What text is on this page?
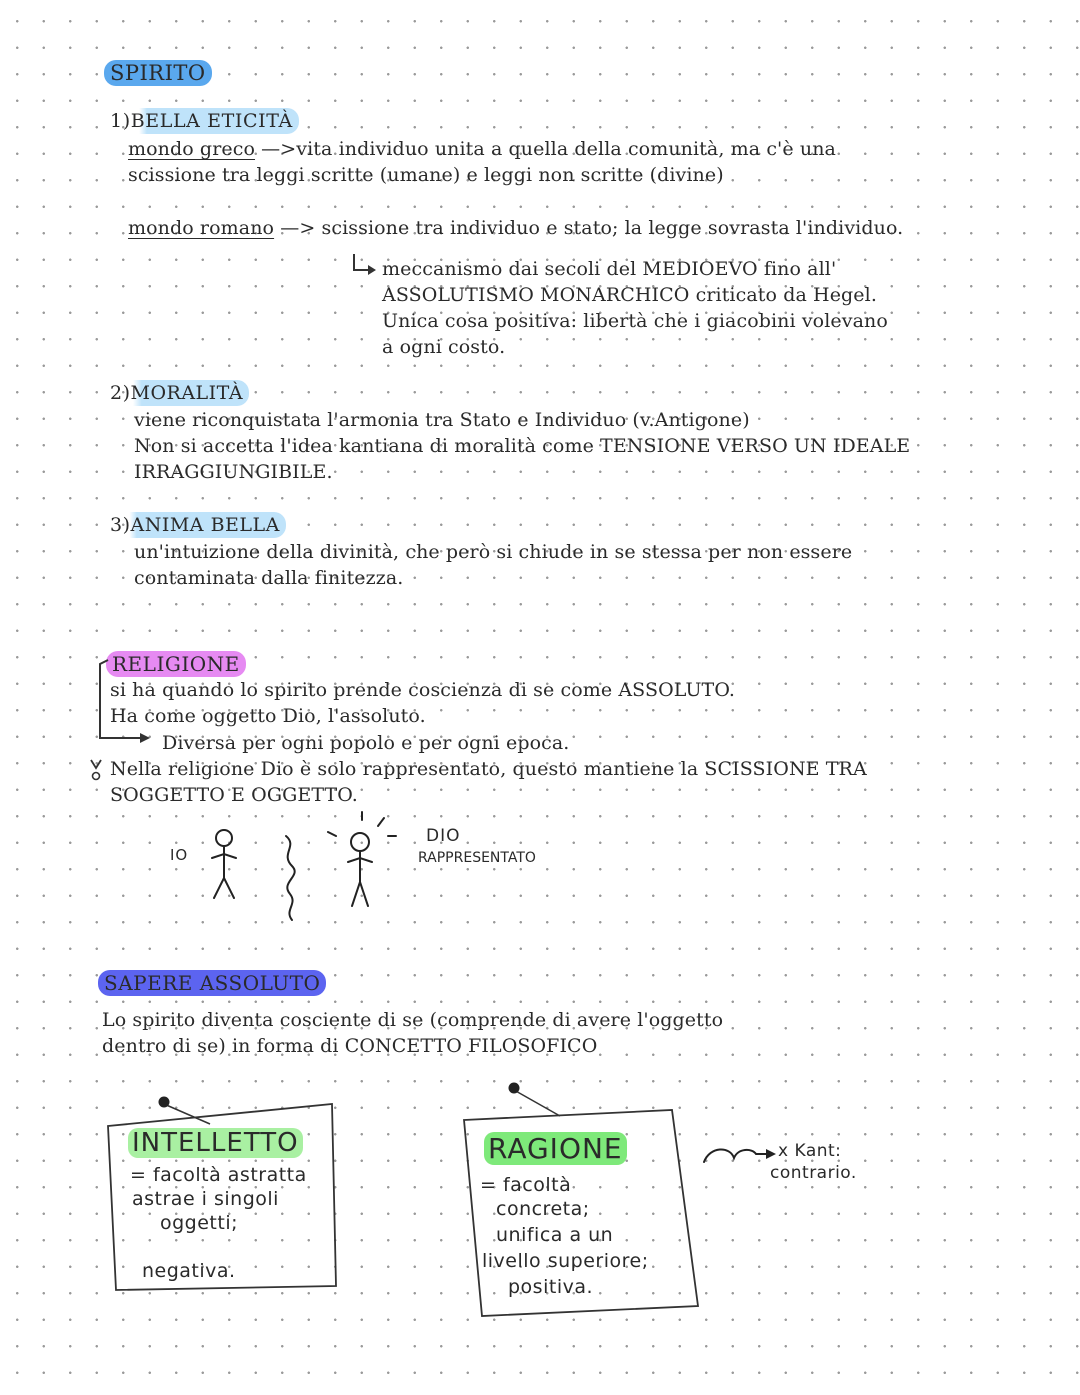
SPIRITO
1)BELLA ETICITÀ
mondo greco —>vita individuo unita a quella della comunità, ma c'è una
scissione tra leggi scritte (umane) e leggi non scritte (divine)
mondo romano —> scissione tra individuo e stato; la legge sovrasta l'individuo.
meccanismo dai secoli del MEDIOEVO fino all'
ASSOLUTISMO MONARCHICO criticato da Hegel.
Unica cosa positiva: libertà che i giacobini volevano
a ogni costo.
2)MORALITÀ
viene riconquistata l'armonia tra Stato e Individuo (v.Antigone)
Non si accetta l'idea kantiana di moralità come TENSIONE VERSO UN IDEALE
IRRAGGIUNGIBILE.
3)ANIMA BELLA
un'intuizione della divinità, che però si chiude in se stessa per non essere
contaminata dalla finitezza.
RELIGIONE
si ha quando lo spirito prende coscienza di se come ASSOLUTO.
Ha come oggetto Dio, l'assoluto.
Diversa per ogni popolo e per ogni epoca.
Nella religione Dio è solo rappresentato, questo mantiene la SCISSIONE TRA
SOGGETTO E OGGETTO.
IO
DIO
RAPPRESENTATO
SAPERE ASSOLUTO
Lo spirito diventa cosciente di se (comprende di avere l'oggetto
dentro di se) in forma di CONCETTO FILOSOFICO
INTELLETTO
= facoltà astratta
astrae i singoli
oggetti;
negativa.
RAGIONE
= facoltà
concreta;
unifica a un
livello superiore;
positiva.
x Kant:
contrario.
